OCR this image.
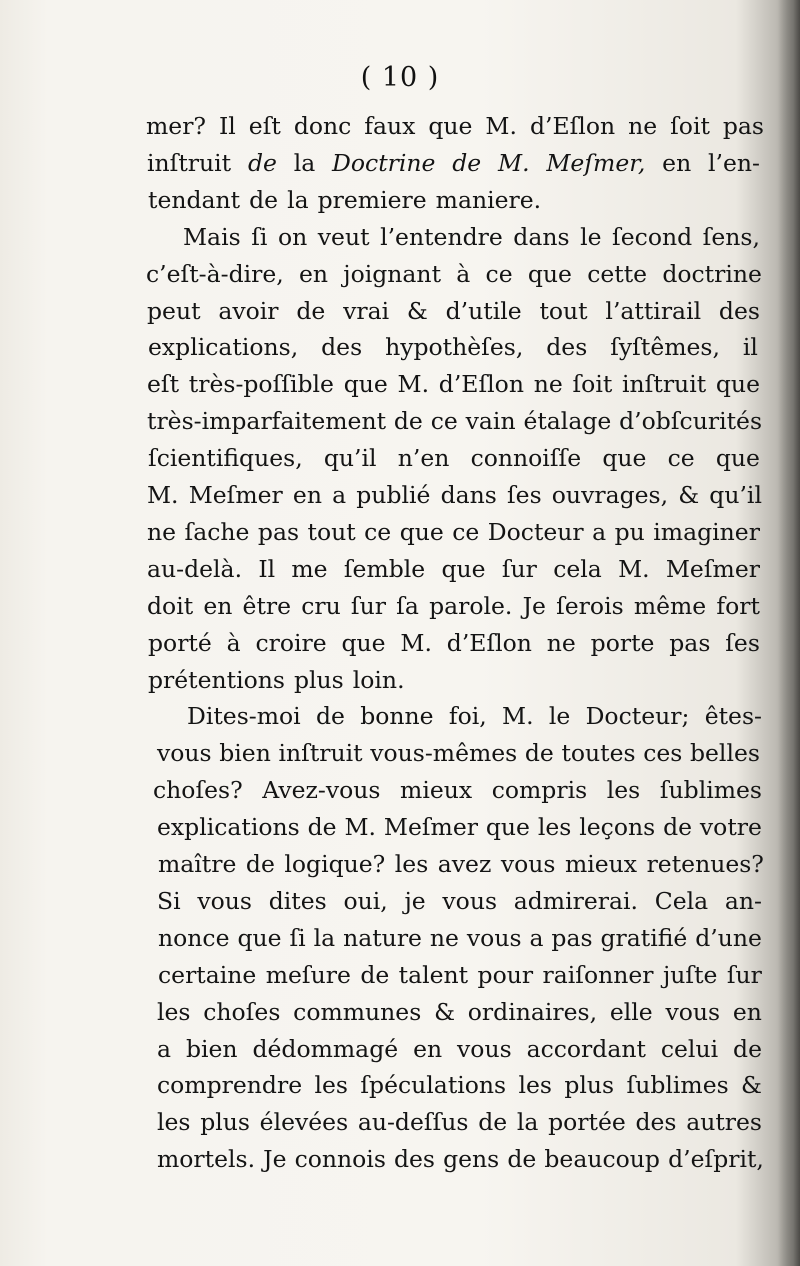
( 10 )
mer? Il eſt donc faux que M. d’Eſlon ne ſoit pas
inſtruit de la Doctrine de M. Meſmer, en l’en-
tendant de la premiere maniere.
Mais ſi on veut l’entendre dans le ſecond ſens,
c’eſt-à-dire, en joignant à ce que cette doctrine
peut avoir de vrai & d’utile tout l’attirail des
explications, des hypothèſes, des ſyſtêmes, il
eſt très-poſſible que M. d’Eſlon ne ſoit inſtruit que
très-imparfaitement de ce vain étalage d’obſcurités
ſcientifiques, qu’il n’en connoiſſe que ce que
M. Meſmer en a publié dans ſes ouvrages, & qu’il
ne ſache pas tout ce que ce Docteur a pu imaginer
au-delà. Il me ſemble que ſur cela M. Meſmer
doit en être cru ſur ſa parole. Je ſerois même fort
porté à croire que M. d’Eſlon ne porte pas ſes
prétentions plus loin.
Dites-moi de bonne foi, M. le Docteur; êtes-
vous bien inſtruit vous-mêmes de toutes ces belles
choſes? Avez-vous mieux compris les ſublimes
explications de M. Meſmer que les leçons de votre
maître de logique? les avez vous mieux retenues?
Si vous dites oui, je vous admirerai. Cela an-
nonce que ſi la nature ne vous a pas gratifié d’une
certaine meſure de talent pour raiſonner juſte ſur
les choſes communes & ordinaires, elle vous en
a bien dédommagé en vous accordant celui de
comprendre les ſpéculations les plus ſublimes &
les plus élevées au-deſſus de la portée des autres
mortels. Je connois des gens de beaucoup d’eſprit,
